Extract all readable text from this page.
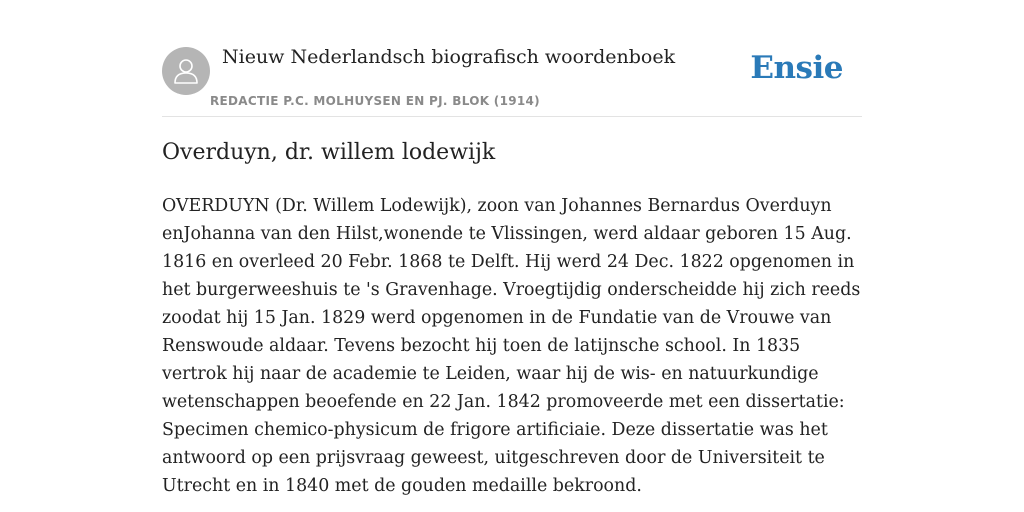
Nieuw Nederlandsch biografisch woordenboek
REDACTIE P.C. MOLHUYSEN EN PJ. BLOK (1914)
Ensie
Overduyn, dr. willem lodewijk

OVERDUYN (Dr. Willem Lodewijk), zoon van Johannes Bernardus Overduyn enJohanna van den Hilst,wonende te Vlissingen, werd aldaar geboren 15 Aug. 1816 en overleed 20 Febr. 1868 te Delft. Hij werd 24 Dec. 1822 opgenomen in het burgerweeshuis te 's Gravenhage. Vroegtijdig onderscheidde hij zich reeds zoodat hij 15 Jan. 1829 werd opgenomen in de Fundatie van de Vrouwe van Renswoude aldaar. Tevens bezocht hij toen de latijnsche school. In 1835 vertrok hij naar de academie te Leiden, waar hij de wis- en natuurkundige wetenschappen beoefende en 22 Jan. 1842 promoveerde met een dissertatie: Specimen chemico-physicum de frigore artificiaie. Deze dissertatie was het antwoord op een prijsvraag geweest, uitgeschreven door de Universiteit te Utrecht en in 1840 met de gouden medaille bekroond.
